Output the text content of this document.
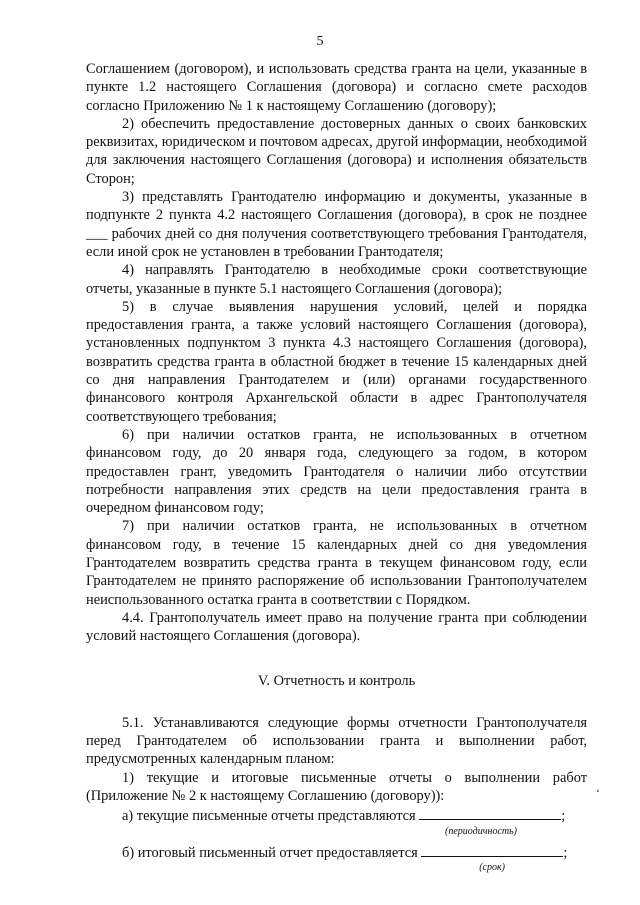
5

Соглашением (договором), и использовать средства гранта на цели, указанные в пункте 1.2 настоящего Соглашения (договора) и согласно смете расходов согласно Приложению № 1 к настоящему Соглашению (договору);

2) обеспечить предоставление достоверных данных о своих банковских реквизитах, юридическом и почтовом адресах, другой информации, необходимой для заключения настоящего Соглашения (договора) и исполнения обязательств Сторон;

3) представлять Грантодателю информацию и документы, указанные в подпункте 2 пункта 4.2 настоящего Соглашения (договора), в срок не позднее ___ рабочих дней со дня получения соответствующего требования Грантодателя, если иной срок не установлен в требовании Грантодателя;

4) направлять Грантодателю в необходимые сроки соответствующие отчеты, указанные в пункте 5.1 настоящего Соглашения (договора);

5) в случае выявления нарушения условий, целей и порядка предоставления гранта, а также условий настоящего Соглашения (договора), установленных подпунктом 3 пункта 4.3 настоящего Соглашения (договора), возвратить средства гранта в областной бюджет в течение 15 календарных дней со дня направления Грантодателем и (или) органами государственного финансового контроля Архангельской области в адрес Грантополучателя соответствующего требования;

6) при наличии остатков гранта, не использованных в отчетном финансовом году, до 20 января года, следующего за годом, в котором предоставлен грант, уведомить Грантодателя о наличии либо отсутствии потребности направления этих средств на цели предоставления гранта в очередном финансовом году;

7) при наличии остатков гранта, не использованных в отчетном финансовом году, в течение 15 календарных дней со дня уведомления Грантодателем возвратить средства гранта в текущем финансовом году, если Грантодателем не принято распоряжение об использовании Грантополучателем неиспользованного остатка гранта в соответствии с Порядком.

4.4. Грантополучатель имеет право на получение гранта при соблюдении условий настоящего Соглашения (договора).

V. Отчетность и контроль

5.1. Устанавливаются следующие формы отчетности Грантополучателя перед Грантодателем об использовании гранта и выполнении работ, предусмотренных календарным планом:

1) текущие и итоговые письменные отчеты о выполнении работ (Приложение № 2 к настоящему Соглашению (договору)):

а) текущие письменные отчеты представляются	;
(периодичность)
б) итоговый письменный отчет предоставляется	;
(срок)
‘
